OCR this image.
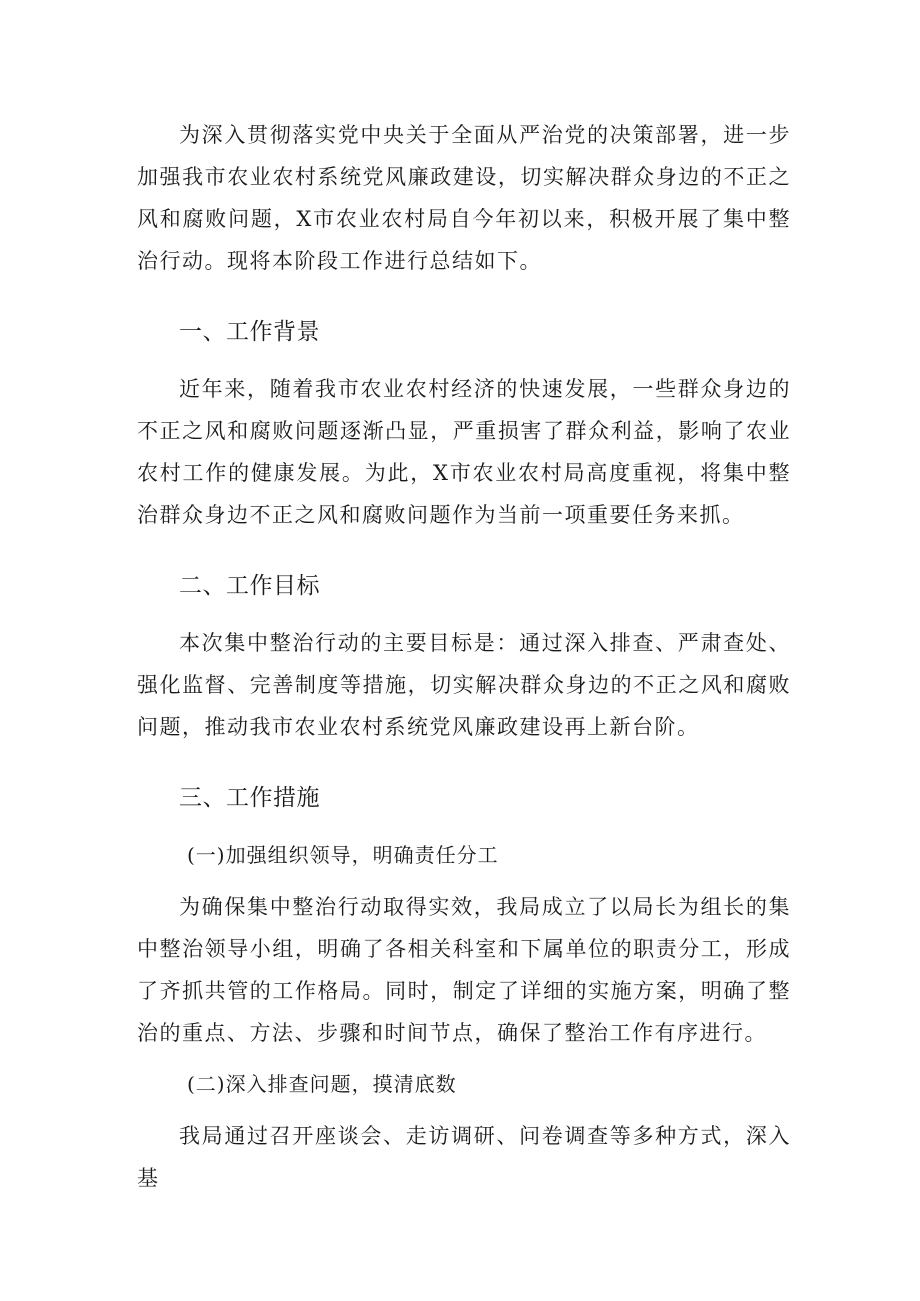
为深入贯彻落实党中央关于全面从严治党的决策部署，进一步加强我市农业农村系统党风廉政建设，切实解决群众身边的不正之风和腐败问题，X市农业农村局自今年初以来，积极开展了集中整治行动。现将本阶段工作进行总结如下。

一、工作背景

近年来，随着我市农业农村经济的快速发展，一些群众身边的不正之风和腐败问题逐渐凸显，严重损害了群众利益，影响了农业农村工作的健康发展。为此，X市农业农村局高度重视，将集中整治群众身边不正之风和腐败问题作为当前一项重要任务来抓。

二、工作目标

本次集中整治行动的主要目标是：通过深入排查、严肃查处、强化监督、完善制度等措施，切实解决群众身边的不正之风和腐败问题，推动我市农业农村系统党风廉政建设再上新台阶。

三、工作措施
(一)加强组织领导，明确责任分工

为确保集中整治行动取得实效，我局成立了以局长为组长的集中整治领导小组，明确了各相关科室和下属单位的职责分工，形成了齐抓共管的工作格局。同时，制定了详细的实施方案，明确了整治的重点、方法、步骤和时间节点，确保了整治工作有序进行。

(二)深入排查问题，摸清底数

我局通过召开座谈会、走访调研、问卷调查等多种方式，深入基
